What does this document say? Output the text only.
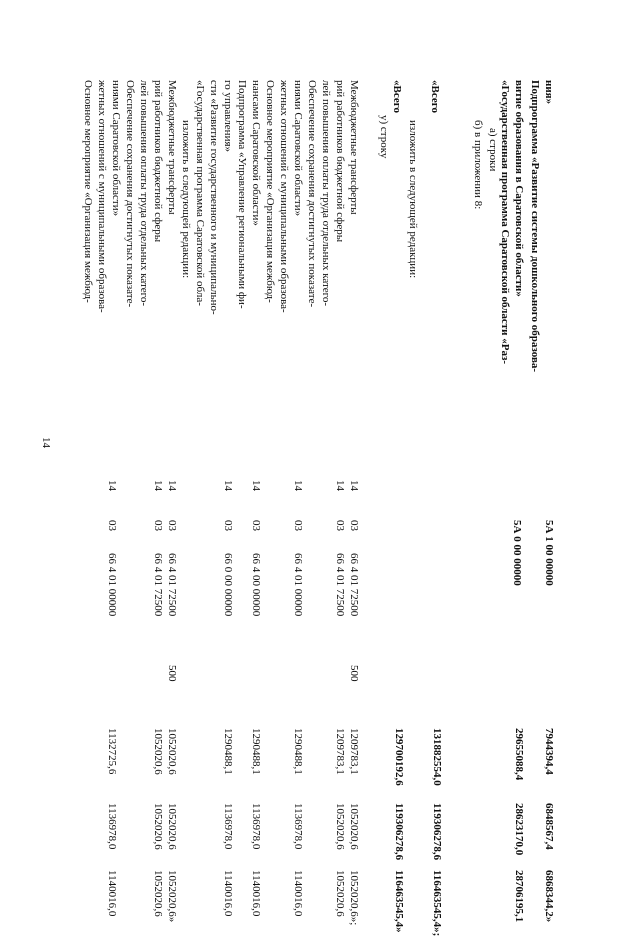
14
Основное мероприятие «Организация межбюд- жетных отношений с муниципальными образова- ниями Саратовской области»
14
03
66 4 01 00000
1132725,6
1136978,0
1140016,0
Обеспечение сохранения достигнутых показате- лей повышения оплаты труда отдельных катего- рий работников бюджетной сферы
14
03
66 4 01 72500
1052020,6
1052020,6
1052020,6
Межбюджетные трансферты
14
03
66 4 01 72500
500
1052020,6
1052020,6
1052020,6»
изложить в следующей редакции: «Государственная программа Саратовской обла- сти «Развитие государственного и муниципально- го управления»
14
03
66 0 00 00000
1290488,1
1136978,0
1140016,0
Подпрограмма «Управление региональными фи- нансами Саратовской области»
14
03
66 4 00 00000
1290488,1
1136978,0
1140016,0
Основное мероприятие «Организация межбюд- жетных отношений с муниципальными образова- ниями Саратовской области»
14
03
66 4 01 00000
1290488,1
1136978,0
1140016,0
Обеспечение сохранения достигнутых показате- лей повышения оплаты труда отдельных катего- рий работников бюджетной сферы
14
03
66 4 01 72500
1209783,1
1052020,6
1052020,6
Межбюджетные трансферты
14
03
66 4 01 72500
500
1209783,1
1052020,6
1052020,6»;
у) строку
«Всего
129700192,6
119306278,6
116463545,4»
изложить в следующей редакции:
«Всего
131882554,0
119306278,6
116463545,4»;
б) в приложении 8: а) строки «Государственная программа Саратовской области «Раз- витие образования в Саратовской области»
5А 0 00 00000
29655088,4
28623170,0
28706195,1
Подпрограмма «Развитие системы дошкольного образова- ния»
5А 1 00 00000
7944394,4
6848567,4
6868344,2»
